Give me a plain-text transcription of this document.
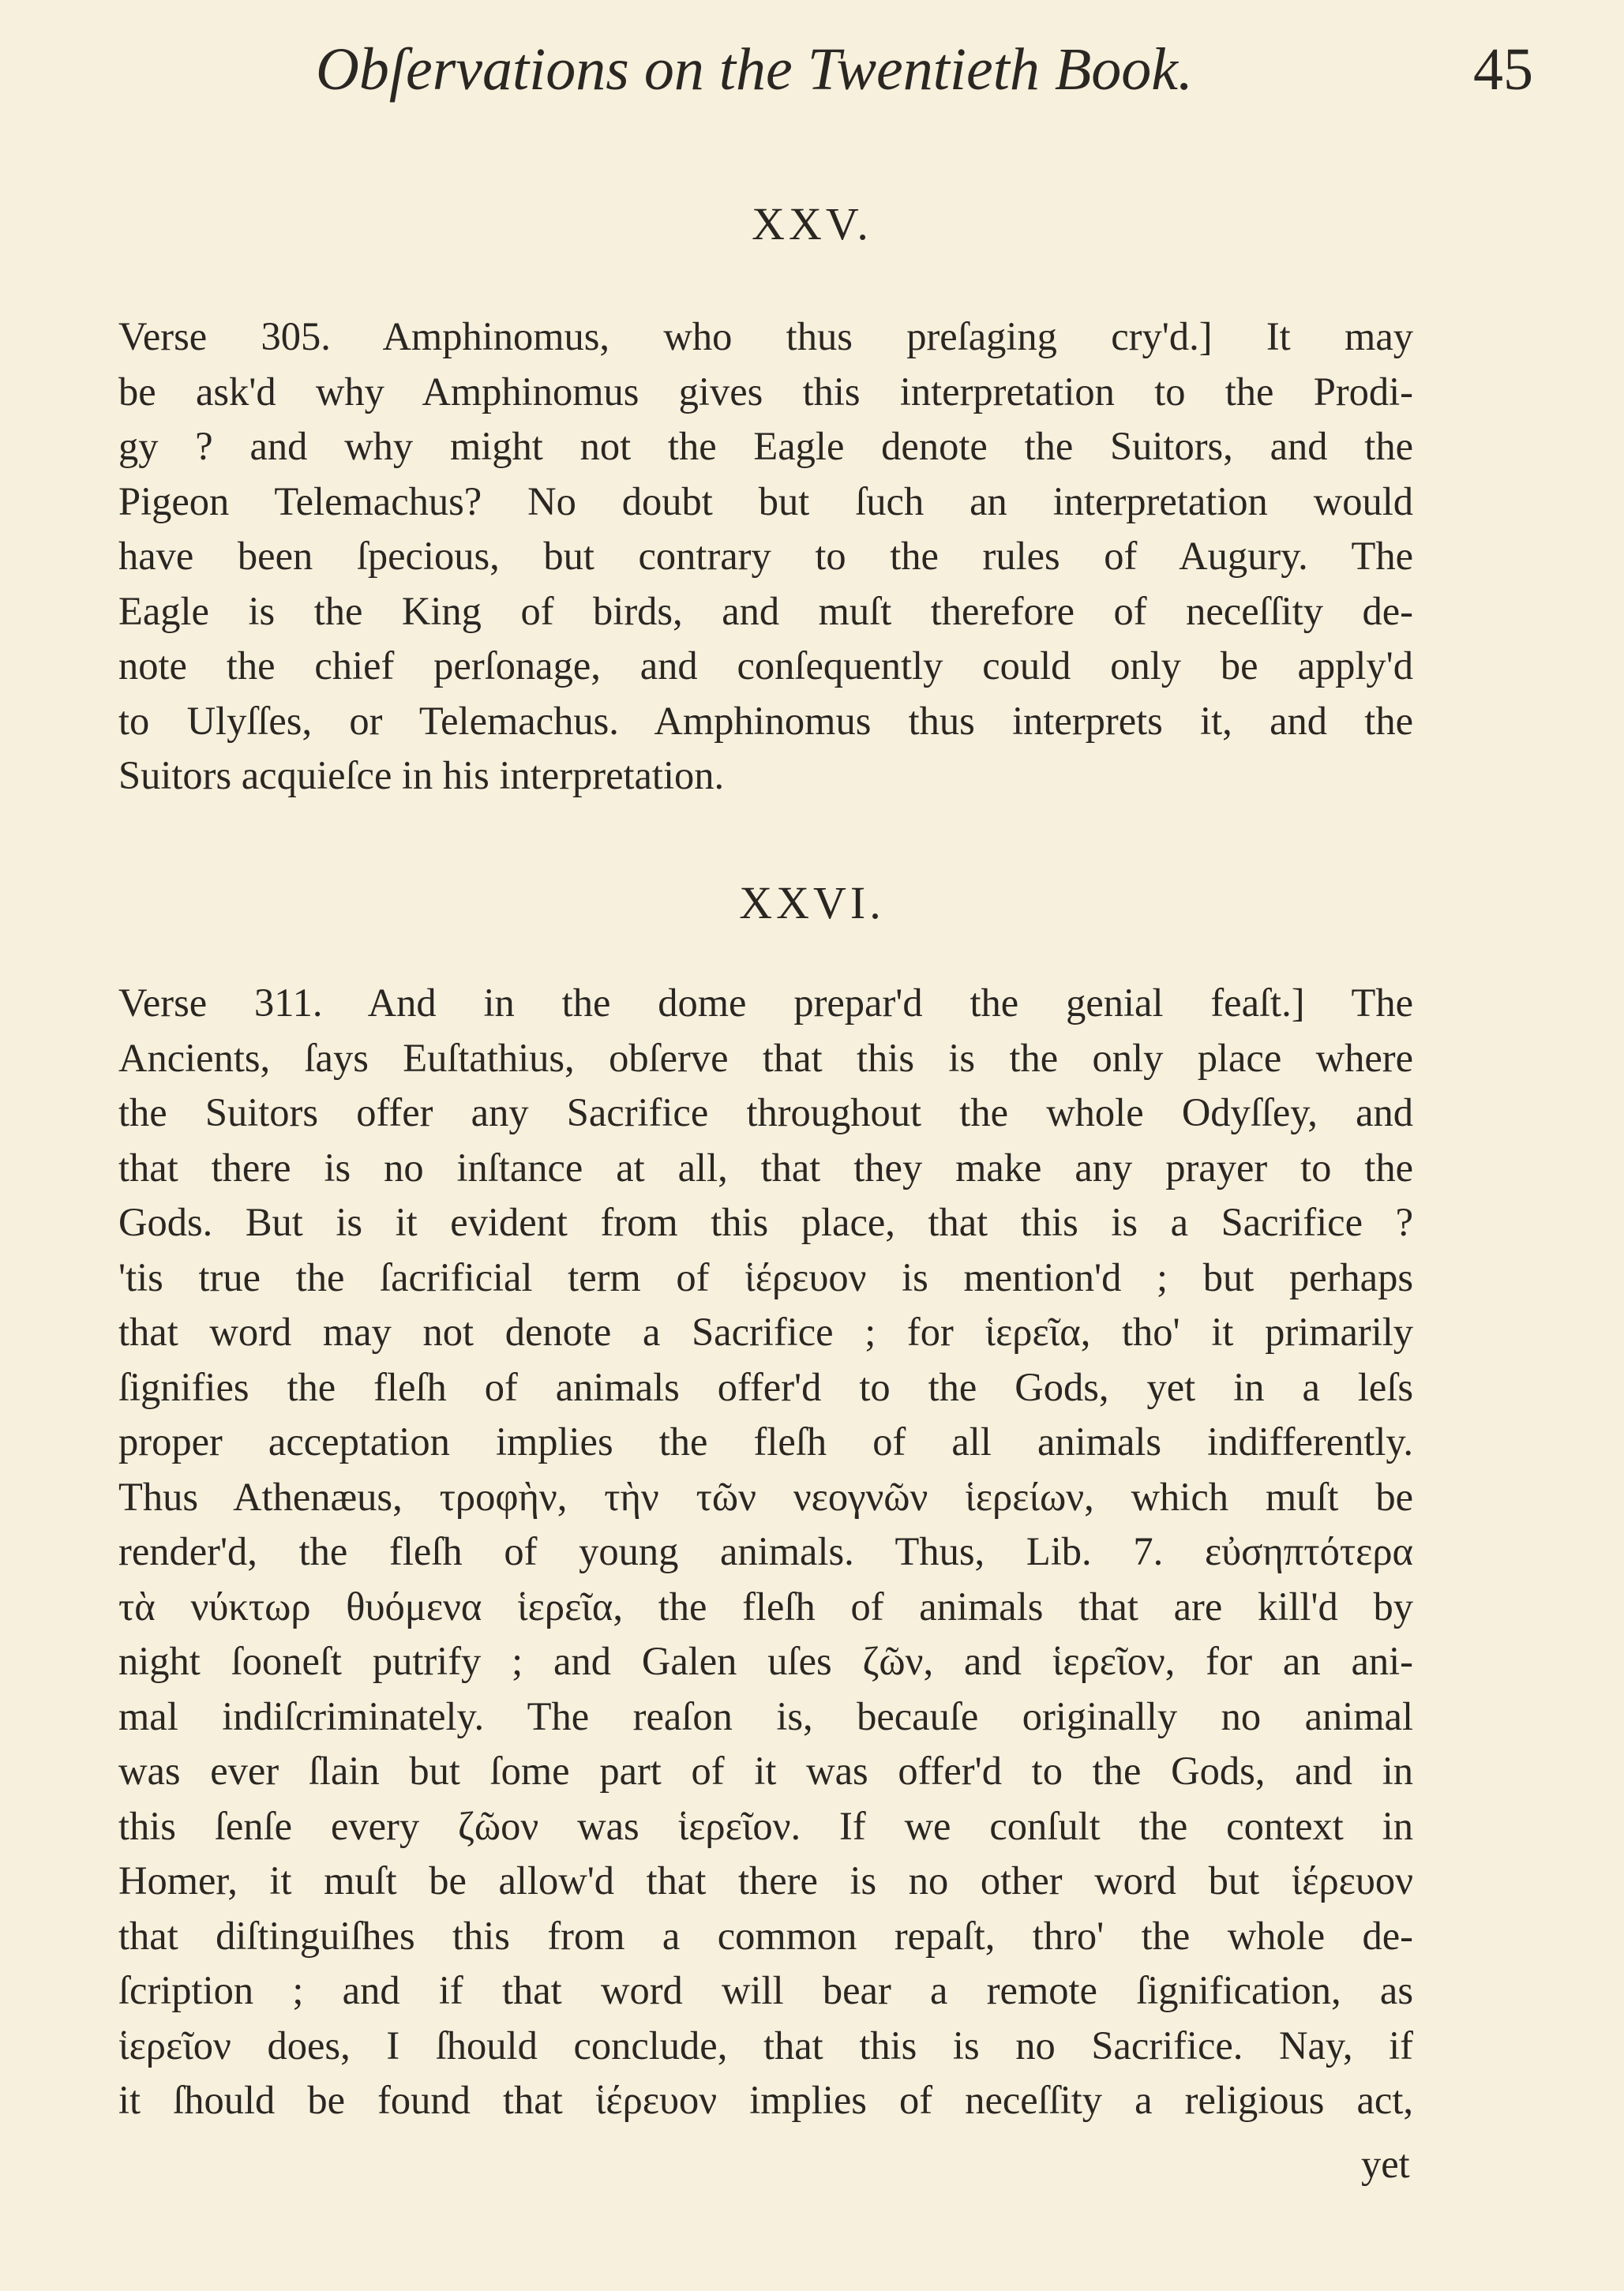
Obſervations on the Twentieth Book.	45
XXV.
Verse 305. Amphinomus, who thus preſaging cry'd.] It may
be ask'd why Amphinomus gives this interpretation to the Prodi-
gy ? and why might not the Eagle denote the Suitors, and the
Pigeon Telemachus? No doubt but ſuch an interpretation would
have been ſpecious, but contrary to the rules of Augury. The
Eagle is the King of birds, and muſt therefore of neceſſity de-
note the chief perſonage, and conſequently could only be apply'd
to Ulyſſes, or Telemachus. Amphinomus thus interprets it, and the
Suitors acquieſce in his interpretation.
XXVI.
Verse 311. And in the dome prepar'd the genial feaſt.] The
Ancients, ſays Euſtathius, obſerve that this is the only place where
the Suitors offer any Sacrifice throughout the whole Odyſſey, and
that there is no inſtance at all, that they make any prayer to the
Gods. But is it evident from this place, that this is a Sacrifice ?
'tis true the ſacrificial term of ἱέρευον is mention'd ; but perhaps
that word may not denote a Sacrifice ; for ἱερεῖα, tho' it primarily
ſignifies the fleſh of animals offer'd to the Gods, yet in a leſs
proper acceptation implies the fleſh of all animals indifferently.
Thus Athenæus, τροφὴν, τὴν τῶν νεογνῶν ἱερείων, which muſt be
render'd, the fleſh of young animals. Thus, Lib. 7. εὐσηπτότερα
τὰ νύκτωρ θυόμενα ἱερεῖα, the fleſh of animals that are kill'd by
night ſooneſt putrify ; and Galen uſes ζῶν, and ἱερεῖον, for an ani-
mal indiſcriminately. The reaſon is, becauſe originally no animal
was ever ſlain but ſome part of it was offer'd to the Gods, and in
this ſenſe every ζῶον was ἱερεῖον. If we conſult the context in
Homer, it muſt be allow'd that there is no other word but ἱέρευον
that diſtinguiſhes this from a common repaſt, thro' the whole de-
ſcription ; and if that word will bear a remote ſignification, as
ἱερεῖον does, I ſhould conclude, that this is no Sacrifice. Nay, if
it ſhould be found that ἱέρευον implies of neceſſity a religious act,
yet
